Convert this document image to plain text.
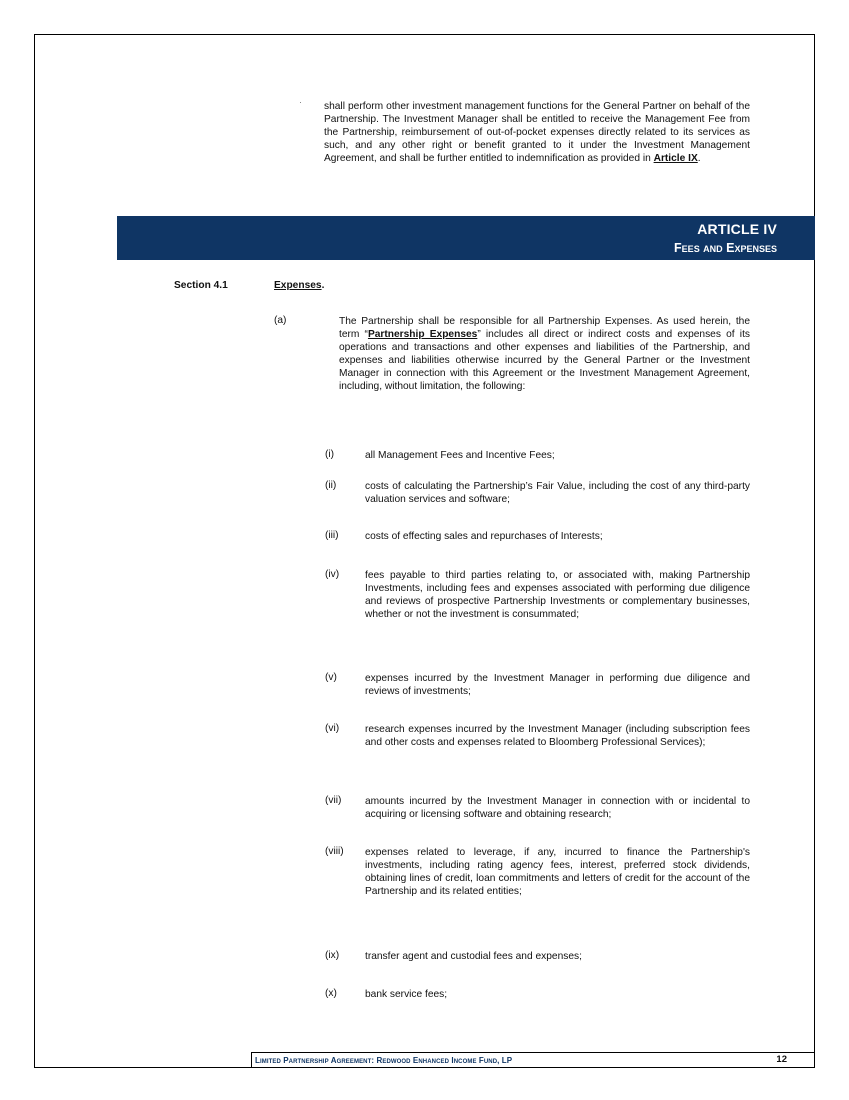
shall perform other investment management functions for the General Partner on behalf of the Partnership. The Investment Manager shall be entitled to receive the Management Fee from the Partnership, reimbursement of out-of-pocket expenses directly related to its services as such, and any other right or benefit granted to it under the Investment Management Agreement, and shall be further entitled to indemnification as provided in Article IX.

ARTICLE IV
Fees and Expenses
Section 4.1	Expenses.
(a)	The Partnership shall be responsible for all Partnership Expenses. As used herein, the term “Partnership Expenses” includes all direct or indirect costs and expenses of its operations and transactions and other expenses and liabilities of the Partnership, and expenses and liabilities otherwise incurred by the General Partner or the Investment Manager in connection with this Agreement or the Investment Management Agreement, including, without limitation, the following:

(i)	all Management Fees and Incentive Fees;

(ii)	costs of calculating the Partnership’s Fair Value, including the cost of any third-party valuation services and software;

(iii)	costs of effecting sales and repurchases of Interests;

(iv)	fees payable to third parties relating to, or associated with, making Partnership Investments, including fees and expenses associated with performing due diligence and reviews of prospective Partnership Investments or complementary businesses, whether or not the investment is consummated;

(v)	expenses incurred by the Investment Manager in performing due diligence and reviews of investments;

(vi)	research expenses incurred by the Investment Manager (including subscription fees and other costs and expenses related to Bloomberg Professional Services);

(vii) amounts incurred by the Investment Manager in connection with or incidental to acquiring or licensing software and obtaining research;

(viii) expenses related to leverage, if any, incurred to finance the Partnership's investments, including rating agency fees, interest, preferred stock dividends, obtaining lines of credit, loan commitments and letters of credit for the account of the Partnership and its related entities;

(ix)	transfer agent and custodial fees and expenses;

(x)	bank service fees;

Limited Partnership Agreement: Redwood Enhanced Income Fund, LP	12
